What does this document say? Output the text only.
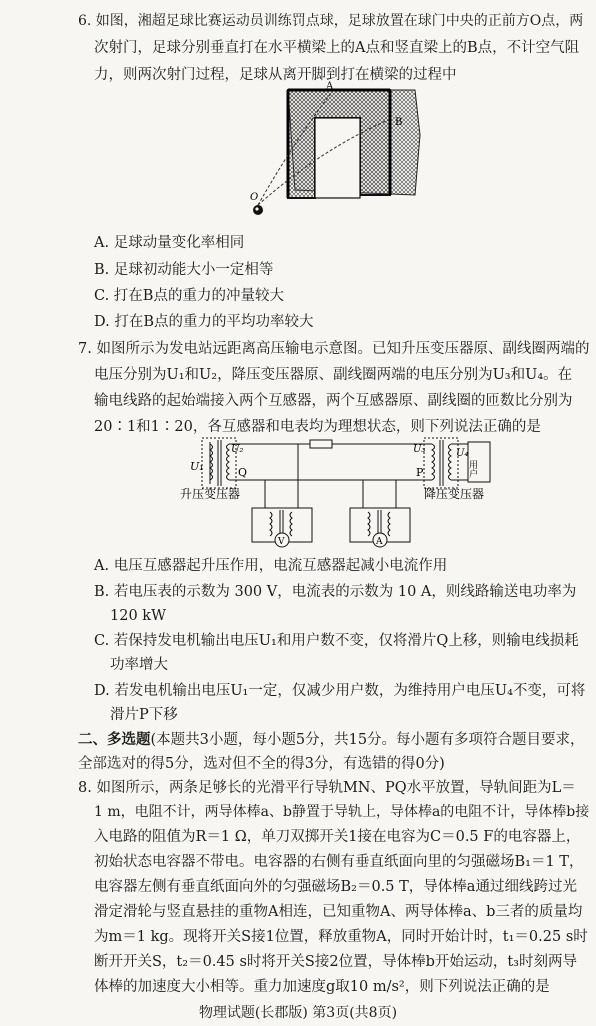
6. 如图，湘超足球比赛运动员训练罚点球，足球放置在球门中央的正前方O点，两
次射门，足球分别垂直打在水平横梁上的A点和竖直梁上的B点，不计空气阻
力，则两次射门过程，足球从离开脚到打在横梁的过程中
A
B
O
A. 足球动量变化率相同
B. 足球初动能大小一定相等
C. 打在B点的重力的冲量较大
D. 打在B点的重力的平均功率较大
7. 如图所示为发电站远距离高压输电示意图。已知升压变压器原、副线圈两端的
电压分别为U₁和U₂，降压变压器原、副线圈两端的电压分别为U₃和U₄。在
输电线路的起始端接入两个互感器，两个互感器原、副线圈的匝数比分别为
20∶1和1∶20，各互感器和电表均为理想状态，则下列说法正确的是
U₁
U₂
Q	P
U₃	U₄
用户
升压变压器	降压变压器
V	A
A. 电压互感器起升压作用，电流互感器起减小电流作用
B. 若电压表的示数为 300 V，电流表的示数为 10 A，则线路输送电功率为
120 kW
C. 若保持发电机输出电压U₁和用户数不变，仅将滑片Q上移，则输电线损耗
功率增大
D. 若发电机输出电压U₁一定，仅减少用户数，为维持用户电压U₄不变，可将
滑片P下移
二、多选题(本题共3小题，每小题5分，共15分。每小题有多项符合题目要求，
全部选对的得5分，选对但不全的得3分，有选错的得0分)
8. 如图所示，两条足够长的光滑平行导轨MN、PQ水平放置，导轨间距为L＝
1 m，电阻不计，两导体棒a、b静置于导轨上，导体棒a的电阻不计，导体棒b接
入电路的阻值为R＝1 Ω，单刀双掷开关1接在电容为C＝0.5 F的电容器上，
初始状态电容器不带电。电容器的右侧有垂直纸面向里的匀强磁场B₁＝1 T，
电容器左侧有垂直纸面向外的匀强磁场B₂＝0.5 T，导体棒a通过细线跨过光
滑定滑轮与竖直悬挂的重物A相连，已知重物A、两导体棒a、b三者的质量均
为m＝1 kg。现将开关S接1位置，释放重物A，同时开始计时，t₁＝0.25 s时
断开开关S，t₂＝0.45 s时将开关S接2位置，导体棒b开始运动，t₃时刻两导
体棒的加速度大小相等。重力加速度g取10 m/s²，则下列说法正确的是
物理试题(长郡版) 第3页(共8页)
